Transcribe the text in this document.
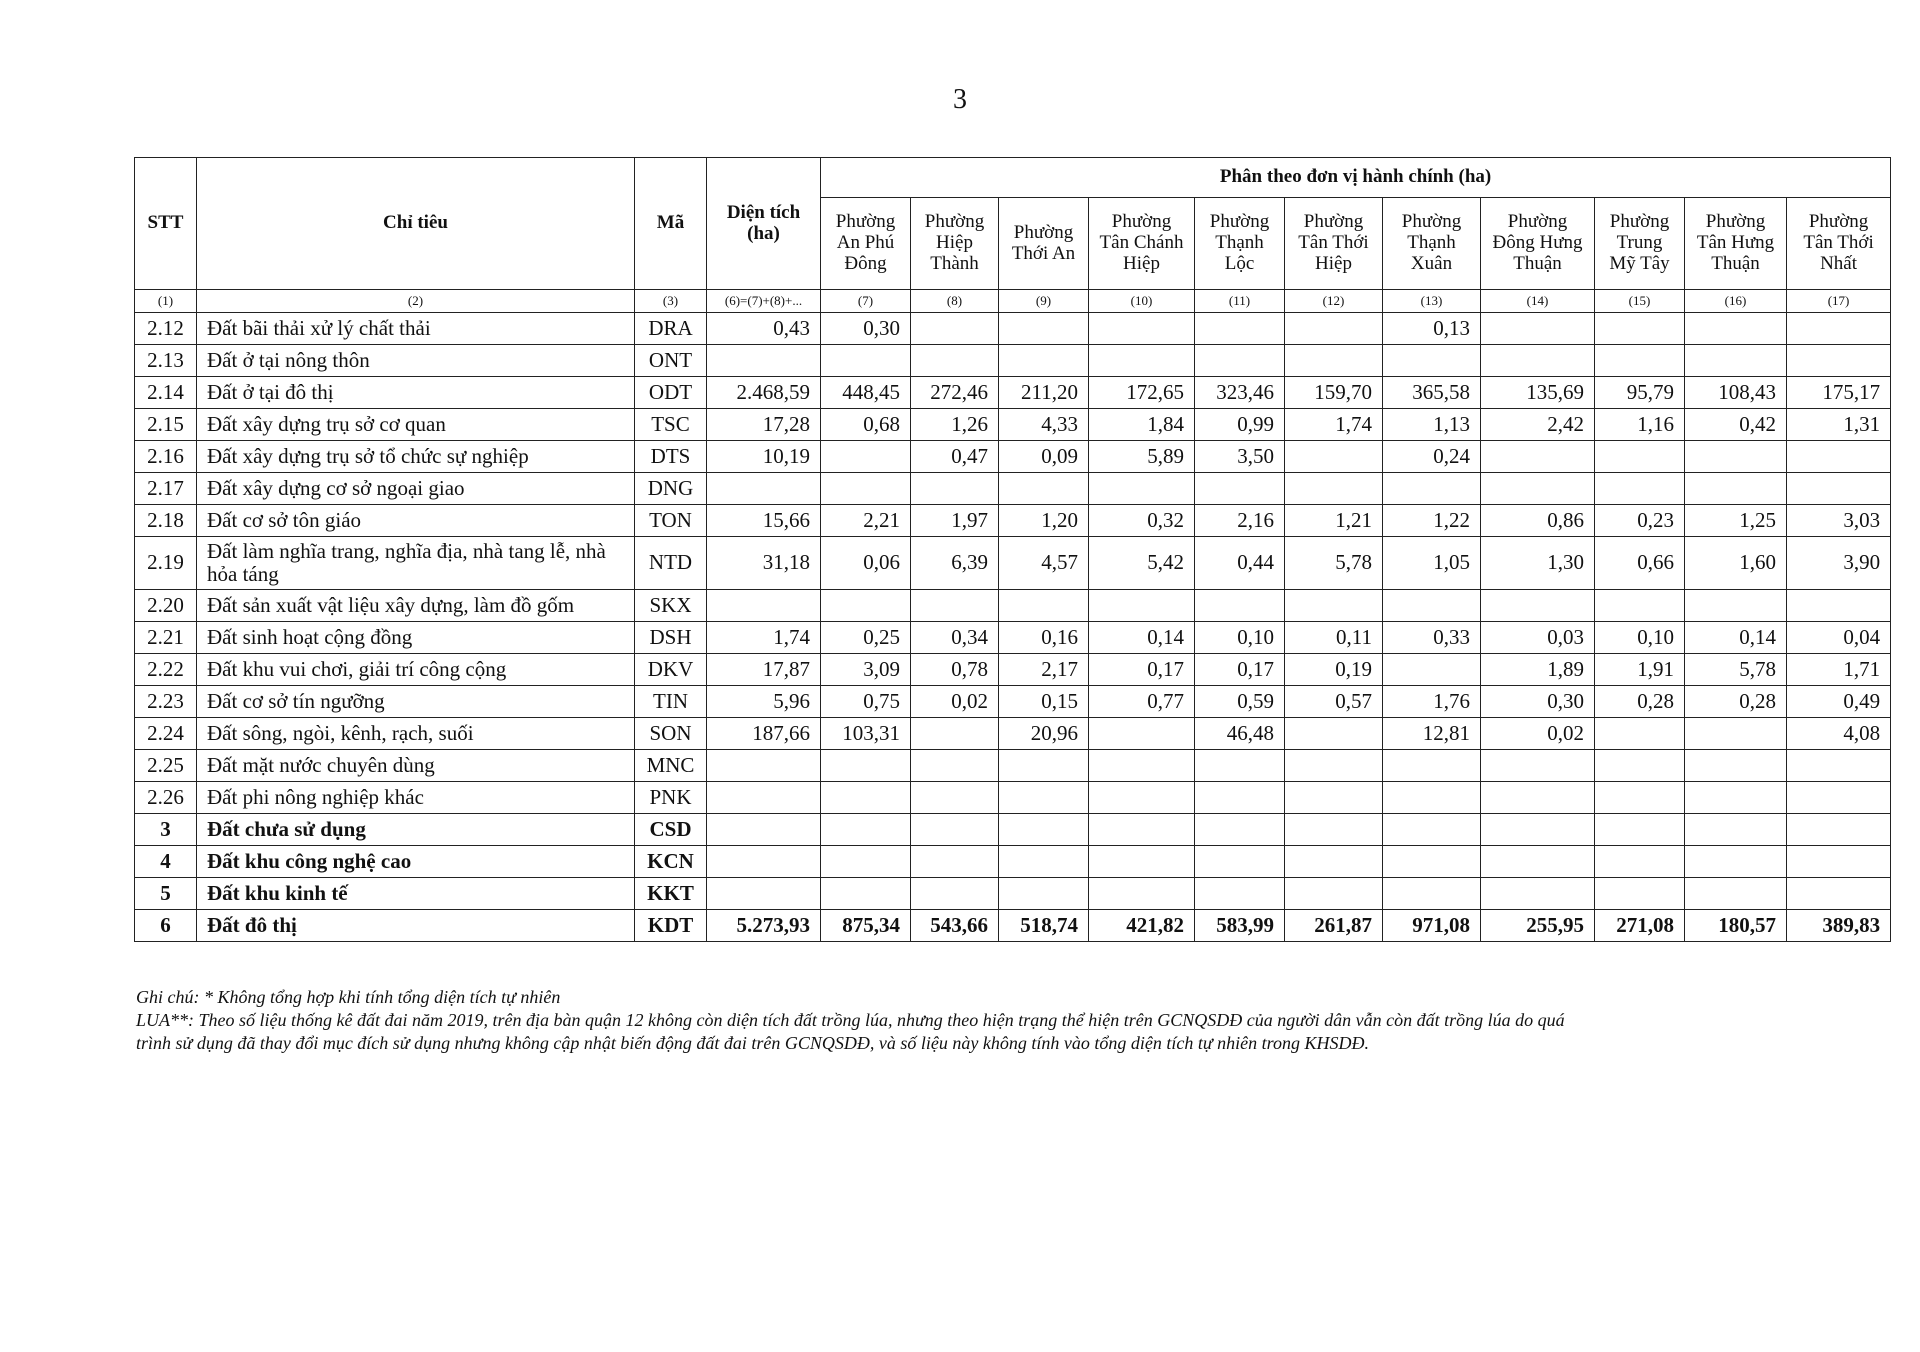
3
STT	Chỉ tiêu	Mã	Diện tích (ha)	Phân theo đơn vị hành chính (ha)										
				Phường An Phú Đông	Phường Hiệp Thành	Phường Thới An	Phường Tân Chánh Hiệp	Phường Thạnh Lộc	Phường Tân Thới Hiệp	Phường Thạnh Xuân	Phường Đông Hưng Thuận	Phường Trung Mỹ Tây	Phường Tân Hưng Thuận	Phường Tân Thới Nhất
(1)	(2)	(3)	(6)=(7)+(8)+...	(7)	(8)	(9)	(10)	(11)	(12)	(13)	(14)	(15)	(16)	(17)
2.12	Đất bãi thải xử lý chất thải	DRA	0,43	0,30						0,13				
2.13	Đất ở tại nông thôn	ONT												
2.14	Đất ở tại đô thị	ODT	2.468,59	448,45	272,46	211,20	172,65	323,46	159,70	365,58	135,69	95,79	108,43	175,17
2.15	Đất xây dựng trụ sở cơ quan	TSC	17,28	0,68	1,26	4,33	1,84	0,99	1,74	1,13	2,42	1,16	0,42	1,31
2.16	Đất xây dựng trụ sở tổ chức sự nghiệp	DTS	10,19		0,47	0,09	5,89	3,50		0,24				
2.17	Đất xây dựng cơ sở ngoại giao	DNG												
2.18	Đất cơ sở tôn giáo	TON	15,66	2,21	1,97	1,20	0,32	2,16	1,21	1,22	0,86	0,23	1,25	3,03
2.19	Đất làm nghĩa trang, nghĩa địa, nhà tang lễ, nhà hỏa táng	NTD	31,18	0,06	6,39	4,57	5,42	0,44	5,78	1,05	1,30	0,66	1,60	3,90
2.20	Đất sản xuất vật liệu xây dựng, làm đồ gốm	SKX												
2.21	Đất sinh hoạt cộng đồng	DSH	1,74	0,25	0,34	0,16	0,14	0,10	0,11	0,33	0,03	0,10	0,14	0,04
2.22	Đất khu vui chơi, giải trí công cộng	DKV	17,87	3,09	0,78	2,17	0,17	0,17	0,19		1,89	1,91	5,78	1,71
2.23	Đất cơ sở tín ngưỡng	TIN	5,96	0,75	0,02	0,15	0,77	0,59	0,57	1,76	0,30	0,28	0,28	0,49
2.24	Đất sông, ngòi, kênh, rạch, suối	SON	187,66	103,31		20,96		46,48		12,81	0,02			4,08
2.25	Đất mặt nước chuyên dùng	MNC												
2.26	Đất phi nông nghiệp khác	PNK												
3	Đất chưa sử dụng	CSD												
4	Đất khu công nghệ cao	KCN												
5	Đất khu kinh tế	KKT												
6	Đất đô thị	KDT	5.273,93	875,34	543,66	518,74	421,82	583,99	261,87	971,08	255,95	271,08	180,57	389,83
Ghi chú: * Không tổng hợp khi tính tổng diện tích tự nhiên
LUA**: Theo số liệu thống kê đất đai năm 2019, trên địa bàn quận 12 không còn diện tích đất trồng lúa, nhưng theo hiện trạng thể hiện trên GCNQSDĐ của người dân vẫn còn đất trồng lúa do quá
trình sử dụng đã thay đổi mục đích sử dụng nhưng không cập nhật biến động đất đai trên GCNQSDĐ, và số liệu này không tính vào tổng diện tích tự nhiên trong KHSDĐ.
